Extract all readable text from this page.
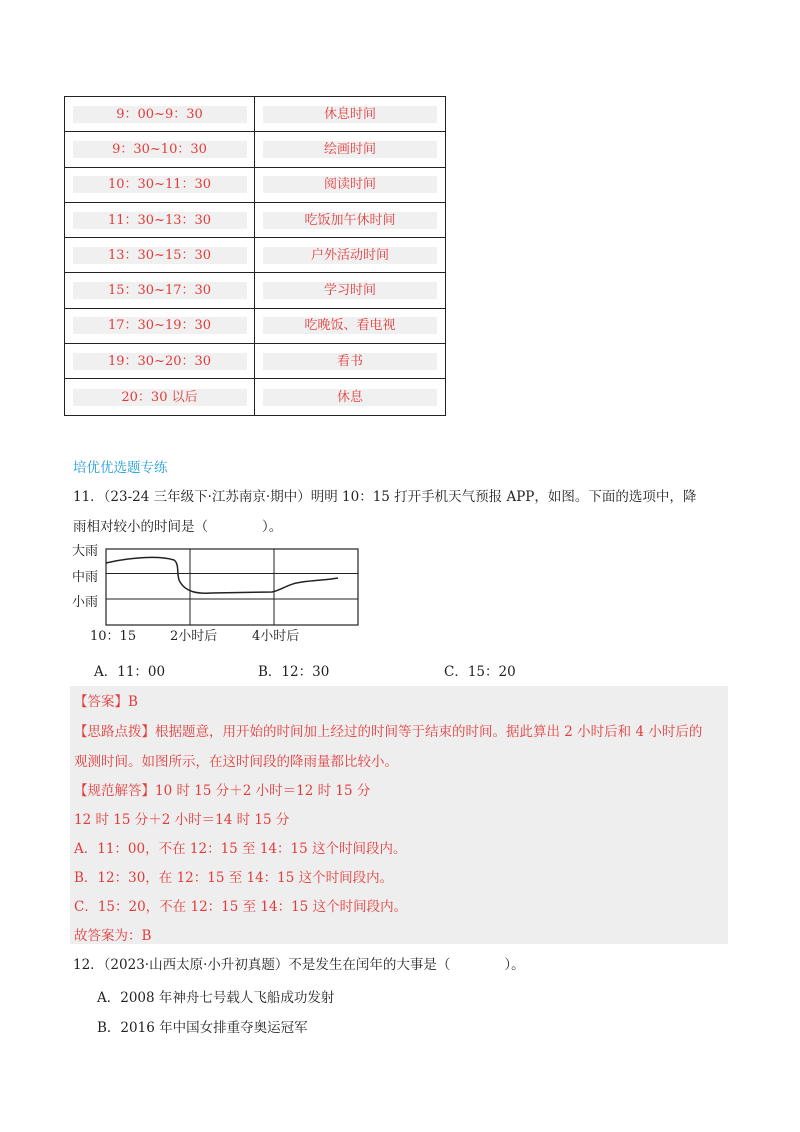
9：00~9：30	休息时间
9：30~10：30	绘画时间
10：30~11：30	阅读时间
11：30~13：30	吃饭加午休时间
13：30~15：30	户外活动时间
15：30~17：30	学习时间
17：30~19：30	吃晚饭、看电视
19：30~20：30	看书
20：30 以后	休息
培优优选题专练
11．（23-24 三年级下·江苏南京·期中）明明 10：15 打开手机天气预报 APP，如图。下面的选项中，降
雨相对较小的时间是（　　　　）。
大雨
中雨
小雨
10：15	2小时后	4小时后
A．11：00	B．12：30	C．15：20
【答案】B
【思路点拨】根据题意，用开始的时间加上经过的时间等于结束的时间。据此算出 2 小时后和 4 小时后的
观测时间。如图所示，在这时间段的降雨量都比较小。
【规范解答】10 时 15 分＋2 小时＝12 时 15 分
12 时 15 分＋2 小时＝14 时 15 分
A．11：00，不在 12：15 至 14：15 这个时间段内。
B．12：30，在 12：15 至 14：15 这个时间段内。
C．15：20，不在 12：15 至 14：15 这个时间段内。
故答案为：B
12．（2023·山西太原·小升初真题）不是发生在闰年的大事是（　　　　）。
A．2008 年神舟七号载人飞船成功发射
B．2016 年中国女排重夺奥运冠军
